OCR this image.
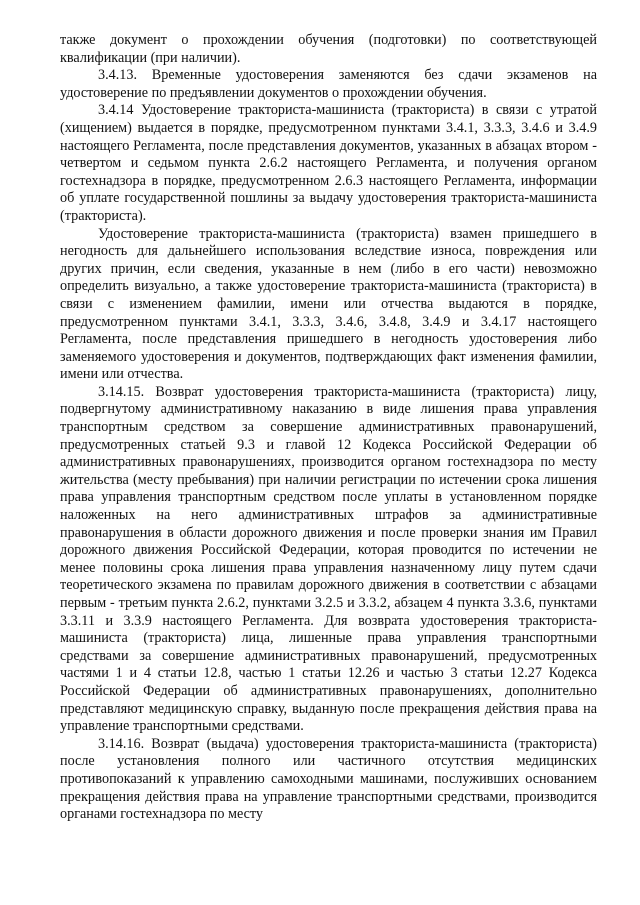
также документ о прохождении обучения (подготовки) по соответствующей квалификации (при наличии).

3.4.13. Временные удостоверения заменяются без сдачи экзаменов на удостоверение по предъявлении документов о прохождении обучения.

3.4.14 Удостоверение тракториста-машиниста (тракториста) в связи с утратой (хищением) выдается в порядке, предусмотренном пунктами 3.4.1, 3.3.3, 3.4.6 и 3.4.9 настоящего Регламента, после представления документов, указанных в абзацах втором - четвертом и седьмом пункта 2.6.2 настоящего Регламента, и получения органом гостехнадзора в порядке, предусмотренном 2.6.3 настоящего Регламента, информации об уплате государственной пошлины за выдачу удостоверения тракториста-машиниста (тракториста).

Удостоверение тракториста-машиниста (тракториста) взамен пришедшего в негодность для дальнейшего использования вследствие износа, повреждения или других причин, если сведения, указанные в нем (либо в его части) невозможно определить визуально, а также удостоверение тракториста-машиниста (тракториста) в связи с изменением фамилии, имени или отчества выдаются в порядке, предусмотренном пунктами 3.4.1, 3.3.3, 3.4.6, 3.4.8, 3.4.9 и 3.4.17 настоящего Регламента, после представления пришедшего в негодность удостоверения либо заменяемого удостоверения и документов, подтверждающих факт изменения фамилии, имени или отчества.

3.14.15. Возврат удостоверения тракториста-машиниста (тракториста) лицу, подвергнутому административному наказанию в виде лишения права управления транспортным средством за совершение административных правонарушений, предусмотренных статьей 9.3 и главой 12 Кодекса Российской Федерации об административных правонарушениях, производится органом гостехнадзора по месту жительства (месту пребывания) при наличии регистрации по истечении срока лишения права управления транспортным средством после уплаты в установленном порядке наложенных на него административных штрафов за административные правонарушения в области дорожного движения и после проверки знания им Правил дорожного движения Российской Федерации, которая проводится по истечении не менее половины срока лишения права управления назначенному лицу путем сдачи теоретического экзамена по правилам дорожного движения в соответствии с абзацами первым - третьим пункта 2.6.2, пунктами 3.2.5 и 3.3.2, абзацем 4 пункта 3.3.6, пунктами 3.3.11 и 3.3.9 настоящего Регламента. Для возврата удостоверения тракториста-машиниста (тракториста) лица, лишенные права управления транспортными средствами за совершение административных правонарушений, предусмотренных частями 1 и 4 статьи 12.8, частью 1 статьи 12.26 и частью 3 статьи 12.27 Кодекса Российской Федерации об административных правонарушениях, дополнительно представляют медицинскую справку, выданную после прекращения действия права на управление транспортными средствами.

3.14.16. Возврат (выдача) удостоверения тракториста-машиниста (тракториста) после установления полного или частичного отсутствия медицинских противопоказаний к управлению самоходными машинами, послуживших основанием прекращения действия права на управление транспортными средствами, производится органами гостехнадзора по месту
